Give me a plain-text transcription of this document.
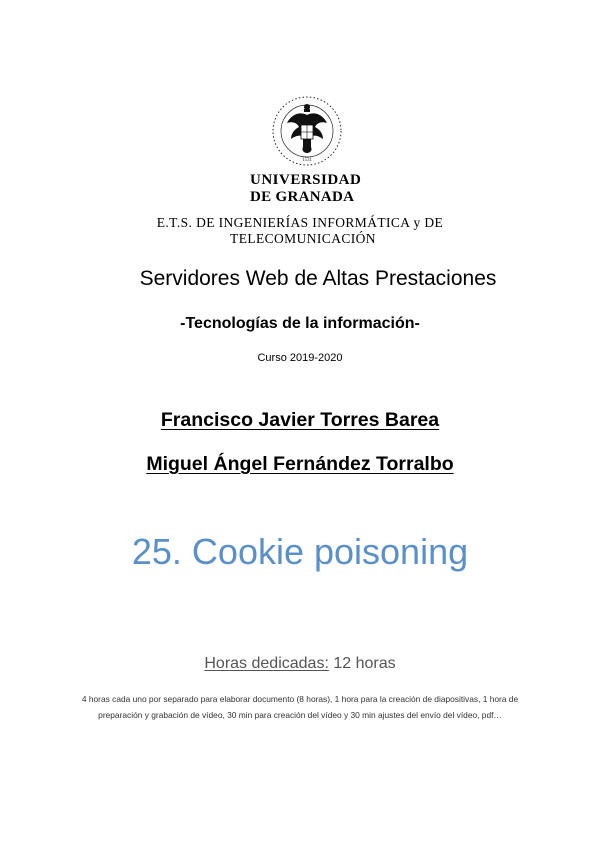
1531
UNIVERSIDAD
DE GRANADA
E.T.S. DE INGENIERÍAS INFORMÁTICA y DE
TELECOMUNICACIÓN
Servidores Web de Altas Prestaciones
-Tecnologías de la información-
Curso 2019-2020
Francisco Javier Torres Barea
Miguel Ángel Fernández Torralbo
25. Cookie poisoning
Horas dedicadas: 12 horas
4 horas cada uno por separado para elaborar documento (8 horas), 1 hora para la creación de diapositivas, 1 hora de preparación y grabación de vídeo, 30 min para creación del vídeo y 30 min ajustes del envío del vídeo, pdf…
